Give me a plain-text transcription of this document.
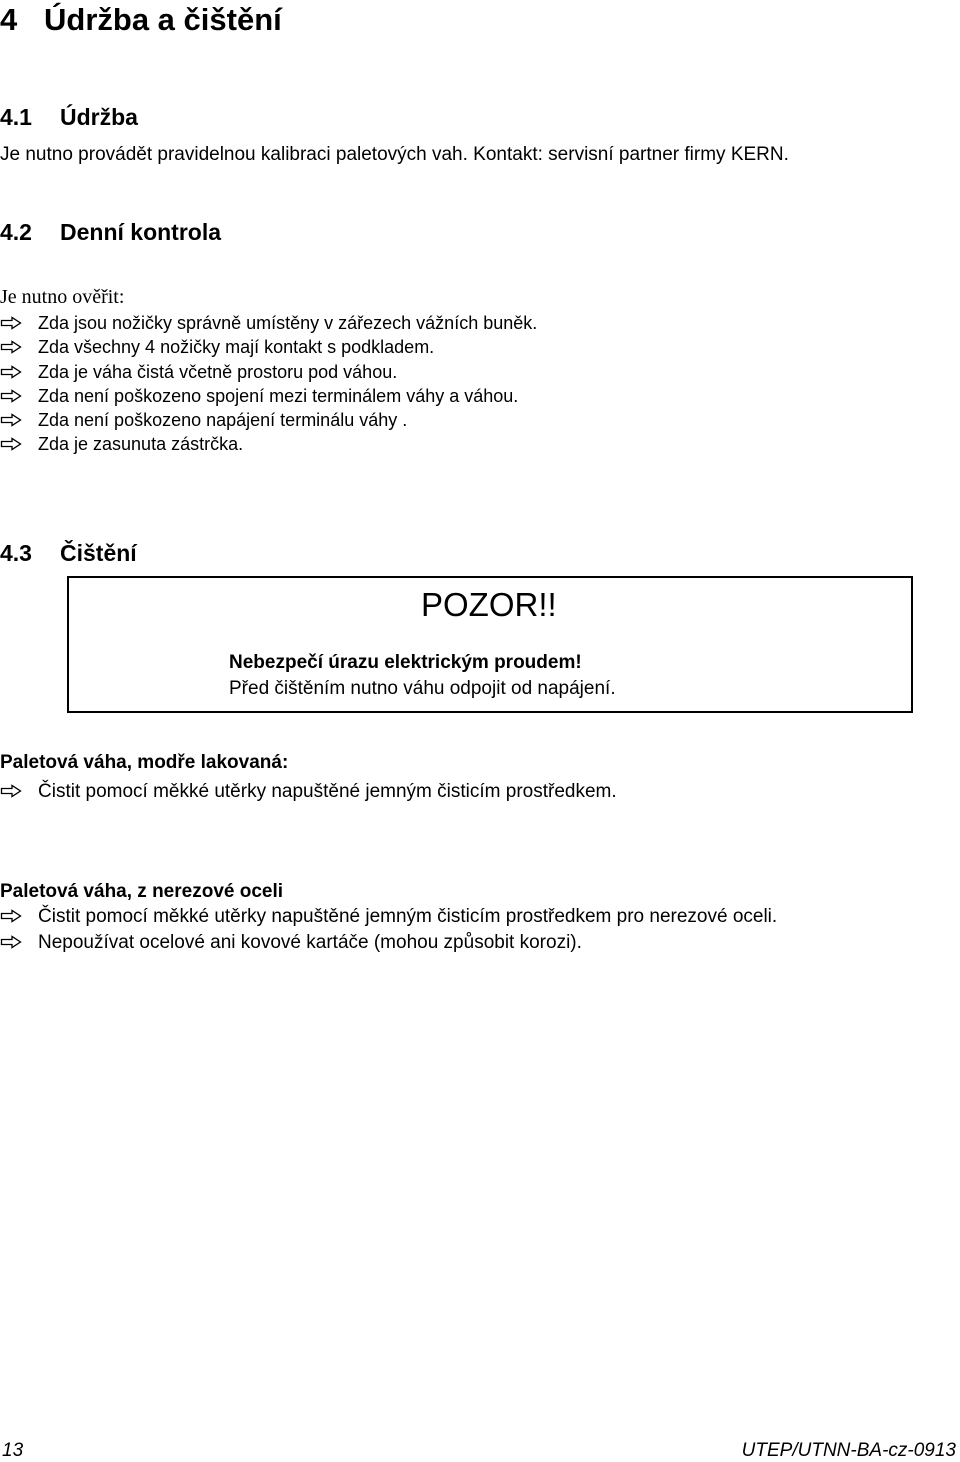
4 Údržba a čištění
4.1 Údržba
Je nutno provádět pravidelnou kalibraci paletových vah. Kontakt: servisní partner firmy KERN.
4.2 Denní kontrola
Je nutno ověřit:
Zda jsou nožičky správně umístěny v zářezech vážních buněk.
Zda všechny 4 nožičky mají kontakt s podkladem.
Zda je váha čistá včetně prostoru pod váhou.
Zda není poškozeno spojení mezi terminálem váhy a váhou.
Zda není poškozeno napájení terminálu váhy .
Zda je zasunuta zástrčka.
4.3 Čištění
POZOR!!
Nebezpečí úrazu elektrickým proudem!
Před čištěním nutno váhu odpojit od napájení.
Paletová váha, modře lakovaná:
Čistit pomocí měkké utěrky napuštěné jemným čisticím prostředkem.
Paletová váha, z nerezové oceli
Čistit pomocí měkké utěrky napuštěné jemným čisticím prostředkem pro nerezové oceli.
Nepoužívat ocelové ani kovové kartáče (mohou způsobit korozi).
13	UTEP/UTNN-BA-cz-0913
